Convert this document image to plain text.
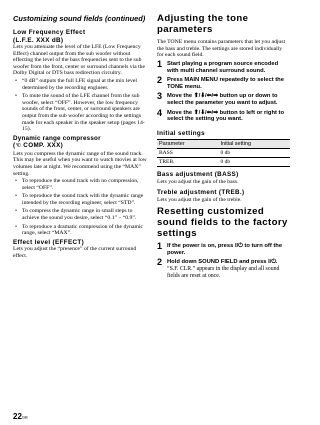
Customizing sound fields (continued)
Low Frequency Effect
(L.F.E. XXX dB)

Lets you attenuate the level of the LFE (Low Frequency Effect) channel output from the sub woofer without effecting the level of the bass frequencies sent to the sub woofer from the front, center or surround channels via the Dolby Digital or DTS bass redirection circuitry.

• “0 dB” outputs the full LFE signal at the mix level determined by the recording engineer.
• To mute the sound of the LFE channel from the sub woofer, select “OFF”. However, the low frequency sounds of the front, center, or surround speakers are output from the sub woofer according to the settings made for each speaker in the speaker setup (pages 14-15).
Dynamic range compressor
(☜ COMP. XXX)

Lets you compress the dynamic range of the sound track. This may be useful when you want to watch movies at low volumes late at night. We recommend using the “MAX” setting.

• To reproduce the sound track with no compression, select “OFF”.
• To reproduce the sound track with the dynamic range intended by the recording engineer, select “STD”.
• To compress the dynamic range in small steps to achieve the sound you desire, select “0.1” – “0.9”.
• To reproduce a dramatic compression of the dynamic range, select “MAX”.
Effect level (EFFECT)

Lets you adjust the “presence” of the current surround effect.

Adjusting the tone parameters

The TONE menu contains parameters that let you adjust the bass and treble. The settings are stored individually for each sound field.

1 Start playing a program source encoded with multi channel surround sound.
2 Press MAIN MENU repeatedly to select the TONE menu.
3 Move the ⬆/⬇/⬅/➡ button up or down to select the parameter you want to adjust.
4 Move the ⬆/⬇/⬅/➡ button to left or right to select the setting you want.
Initial settings
Parameter	Initial setting
BASS	0 db
TREB.	0 db
Bass adjustment (BASS)

Lets you adjust the gain of the bass.

Treble adjustment (TREB.)

Lets you adjust the gain of the treble.

Resetting customized sound fields to the factory settings
1 If the power is on, press I/⏻ to turn off the power.
2 Hold down SOUND FIELD and press I/⏻.
“S.F. CLR.” appears in the display and all sound fields are reset at once.
22GB
